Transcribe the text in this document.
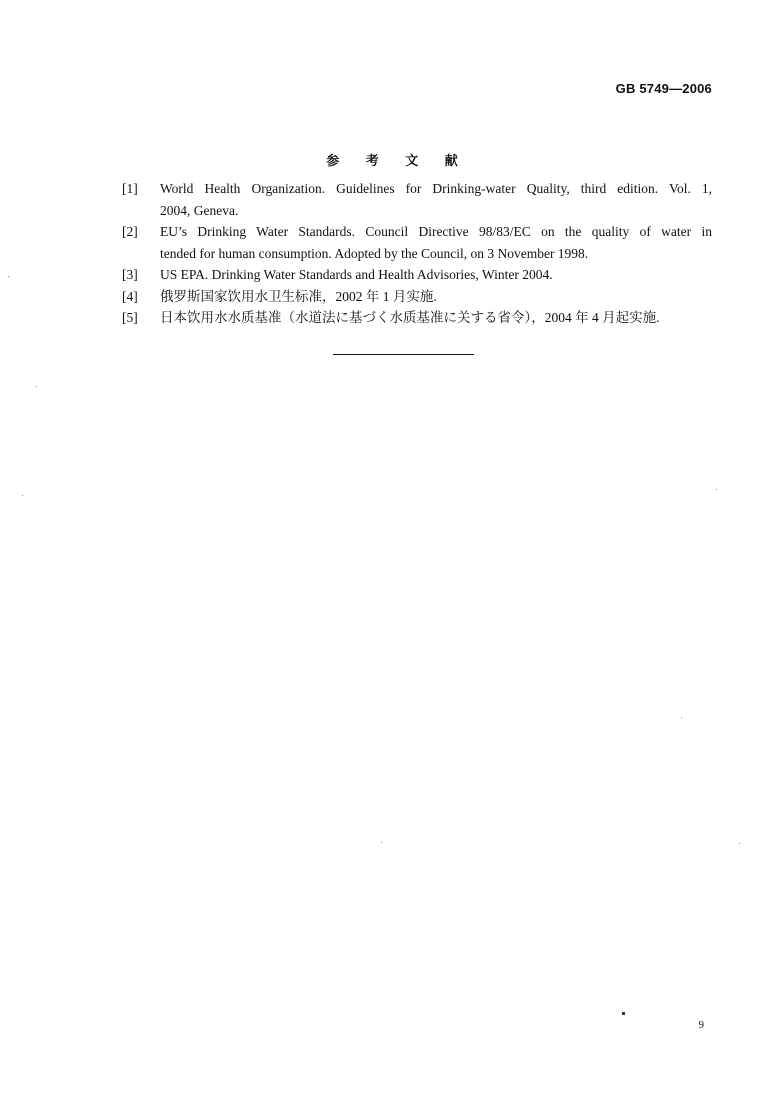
GB 5749—2006
参 考 文 献
[1] World Health Organization. Guidelines for Drinking-water Quality, third edition. Vol. 1,
2004, Geneva.
[2] EU’s Drinking Water Standards. Council Directive 98/83/EC on the quality of water in
tended for human consumption. Adopted by the Council, on 3 November 1998.
[3] US EPA. Drinking Water Standards and Health Advisories, Winter 2004.
[4] 俄罗斯国家饮用水卫生标准，2002 年 1 月实施.
[5] 日本饮用水水质基准（水道法に基づく水质基准に关する省令），2004 年 4 月起实施.
9
